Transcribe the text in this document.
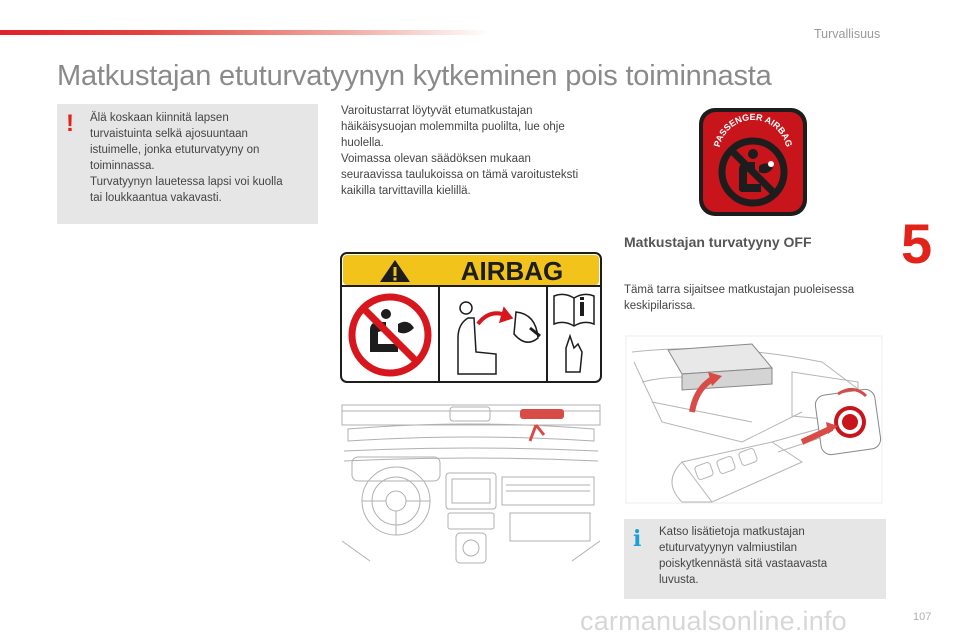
Turvallisuus
Matkustajan etuturvatyynyn kytkeminen pois toiminnasta
! Älä koskaan kiinnitä lapsen
turvaistuinta selkä ajosuuntaan
istuimelle, jonka etuturvatyyny on
toiminnassa.
Turvatyynyn lauetessa lapsi voi kuolla
tai loukkaantua vakavasti.
Varoitustarrat löytyvät etumatkustajan
häikäisysuojan molemmilta puolilta, lue ohje
huolella.
Voimassa olevan säädöksen mukaan
seuraavissa taulukoissa on tämä varoitusteksti
kaikilla tarvittavilla kielillä.
PASSENGER AIRBAG
5
AIRBAG
Matkustajan turvatyyny OFF
Tämä tarra sijaitsee matkustajan puoleisessa
keskipilarissa.
i Katso lisätietoja matkustajan
etuturvatyynyn valmiustilan
poiskytkennästä sitä vastaavasta
luvusta.
carmanualsonline.info	107
